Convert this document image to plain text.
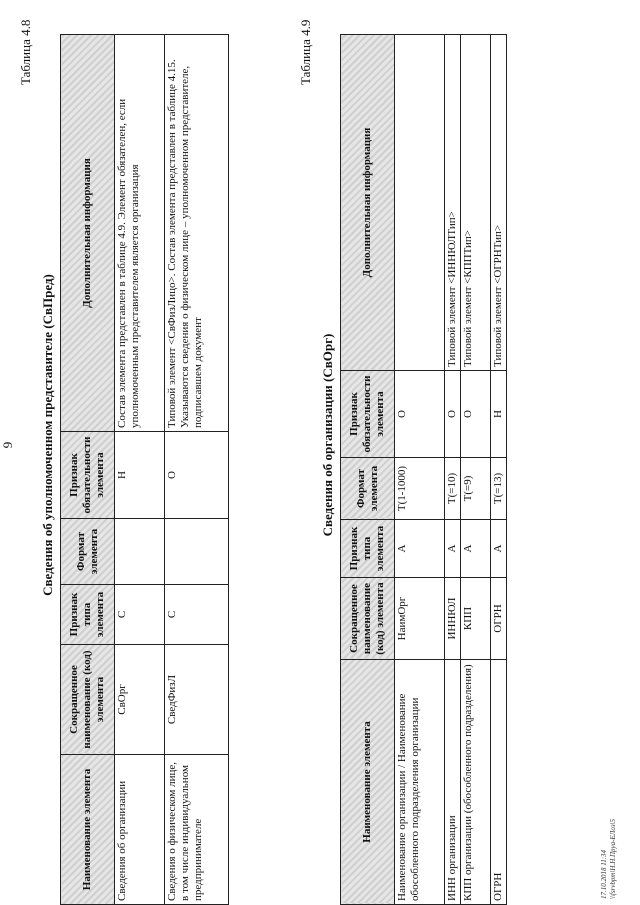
9
Таблица 4.8
Сведения об уполномоченном представителе (СвПред)
Наименование элемента	Сокращенное наименование (код) элемента	Признак типа элемента	Формат элемента	Признак обязательности элемента	Дополнительная информация
Сведения об организации	СвОрг	С		Н	Состав элемента представлен в таблице 4.9. Элемент обязателен, если уполномоченным представителем является организация
Сведения о физическом лице, в том числе индивидуальном предпринимателе	СведФизЛ	С		О	Типовой элемент <СвФизЛицо>. Состав элемента представлен в таблице 4.15. Указываются сведения о физическом лице – уполномоченном представителе, подписавшем документ
Таблица 4.9
Сведения об организации (СвОрг)
Наименование элемента	Сокращенное наименование (код) элемента	Признак типа элемента	Формат элемента	Признак обязательности элемента	Дополнительная информация
Наименование организации / Наименование обособленного подразделения организации	НаимОрг	А	T(1-1000)	О	
ИНН организации	ИННЮЛ	А	T(=10)	О	Типовой элемент <ИННЮЛТип>
КПП организации (обособленного подразделения)	КПП	А	T(=9)	О	Типовой элемент <КППТип>
ОГРН	ОГРН	А	T(=13)	Н	Типовой элемент <ОГРНТип>
17.10.2018 11:34 \\fsrvbpm\Н.Н.Пруа-ЕЛоз\5
